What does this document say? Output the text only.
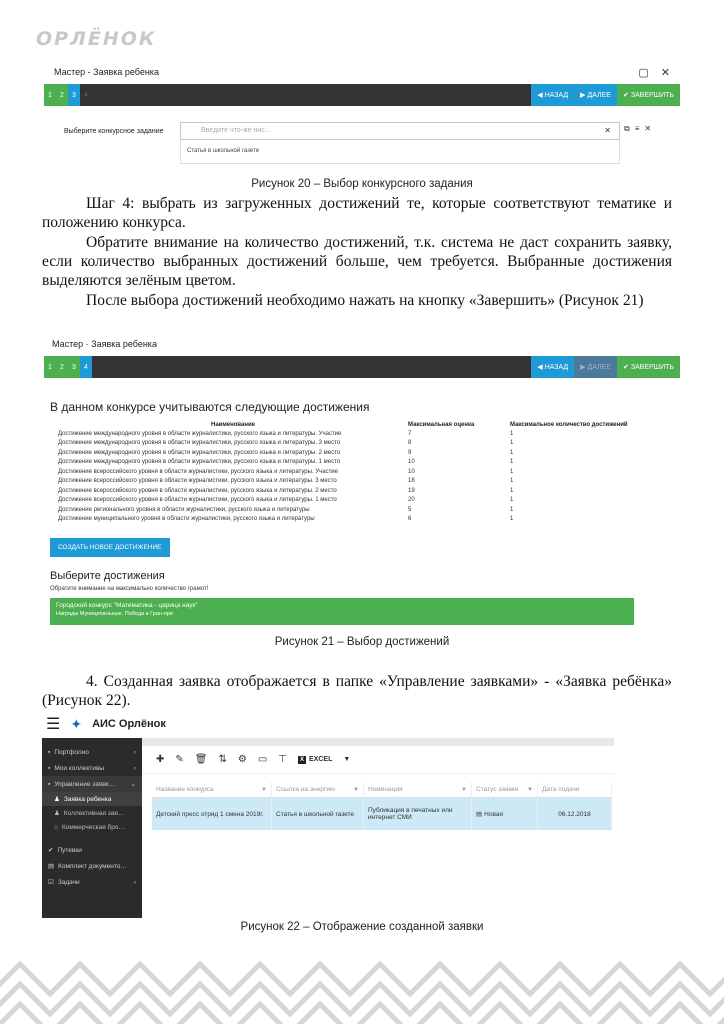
ОРЛЁНОК
Мастер - Заявка ребенка	▢ ✕
1	2	3	4	◀ НАЗАД ▶ ДАЛЕЕ ✔ ЗАВЕРШИТЬ
Выберите конкурсное задание	Введите что-же нис…	✕
Статья в школьной газете
⧉ ≡ ✕
Рисунок 20 – Выбор конкурсного задания

Шаг 4: выбрать из загруженных достижений те, которые соответствуют тематике и положению конкурса.

Обратите внимание на количество достижений, т.к. система не даст сохранить заявку, если количество выбранных достижений больше, чем требуется. Выбранные достижения выделяются зелёным цветом.

После выбора достижений необходимо нажать на кнопку «Завершить» (Рисунок 21)

Мастер · Заявка ребенка
1	2	3	4	◀ НАЗАД ▶ ДАЛЕЕ ✔ ЗАВЕРШИТЬ
В данном конкурсе учитываются следующие достижения
Наименование	Максимальная оценка	Максимальное количество достижений
Достижение международного уровня в области журналистики, русского языка и литературы. Участие	7	1
Достижение международного уровня в области журналистики, русского языка и литературы. 3 место	8	1
Достижение международного уровня в области журналистики, русского языка и литературы. 2 место	9	1
Достижение международного уровня в области журналистики, русского языка и литературы. 1 место	10	1
Достижение всероссийского уровня в области журналистики, русского языка и литературы. Участие	10	1
Достижение всероссийского уровня в области журналистики, русского языка и литературы. 3 место	18	1
Достижение всероссийского уровня в области журналистики, русского языка и литературы. 2 место	19	1
Достижение всероссийского уровня в области журналистики, русского языка и литературы. 1 место	20	1
Достижение регионального уровня в области журналистики, русского языка и литературы	5	1
Достижение муниципального уровня в области журналистики, русского языка и литературы	6	1
СОЗДАТЬ НОВОЕ ДОСТИЖЕНИЕ
Выберите достижения
Обратите внимание на максимально количество грамот!
Городской конкурс "Математика - царица наук"
Награды Муниципальные. Победа в Гран-при
Рисунок 21 – Выбор достижений

4. Созданная заявка отображается в папке «Управление заявками» - «Заявка ребёнка» (Рисунок 22).

☰ ✦ АИС Орлёнок
▪ Портфолио	‹
▪ Мои коллективы	‹
▪ Управление заявк… ⌄
♟ Заявка ребенка
♟ Коллективная зая…
⌂ Коммерческая бро…
✔ Путевки
▤ Комплект документо…
☑ Задачи	‹
✚ ✎ 🗑 ⇅ ⚙ ▭ ⊤	X EXCEL ▼
Название конкурса	▼ Ссылка на энергию	▼ Номинация	▼ Статус заявки ▼ Дата подачи
Детский пресс отряд 1 смена 2019г.	Статья в школьной газете	Публикация в печатных или интернет СМИ	▤ Новая	06.12.2018
Рисунок 22 – Отображение созданной заявки
